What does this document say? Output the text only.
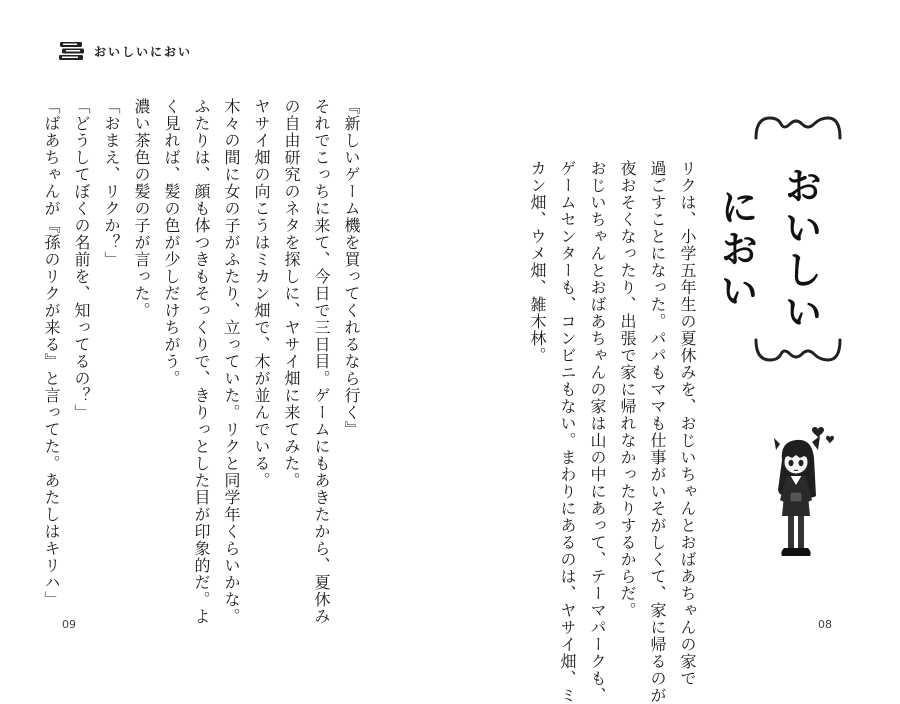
おいしいにおい
『新しいゲーム機を買ってくれるなら行く』
それでこっちに来て、今日で三日目。ゲームにもあきたから、夏休み
の自由研究のネタを探しに、ヤサイ畑に来てみた。
ヤサイ畑の向こうはミカン畑で、木が並んでいる。
木々の間に女の子がふたり、立っていた。リクと同学年くらいかな。
ふたりは、顔も体つきもそっくりで、きりっとした目が印象的だ。よ
く見れば、髪の色が少しだけちがう。
濃い茶色の髪の子が言った。
「おまえ、リクか？」
「どうしてぼくの名前を、知ってるの？」
「ばあちゃんが『孫のリクが来る』と言ってた。あたしはキリハ」
09	リクは、小学五年生の夏休みを、おじいちゃんとおばあちゃんの家で
過ごすことになった。パパもママも仕事がいそがしくて、家に帰るのが
夜おそくなったり、出張で家に帰れなかったりするからだ。
おじいちゃんとおばあちゃんの家は山の中にあって、テーマパークも、
ゲームセンターも、コンビニもない。まわりにあるのは、ヤサイ畑、ミ
カン畑、ウメ畑、雑木林。	おいしいにおい
08
